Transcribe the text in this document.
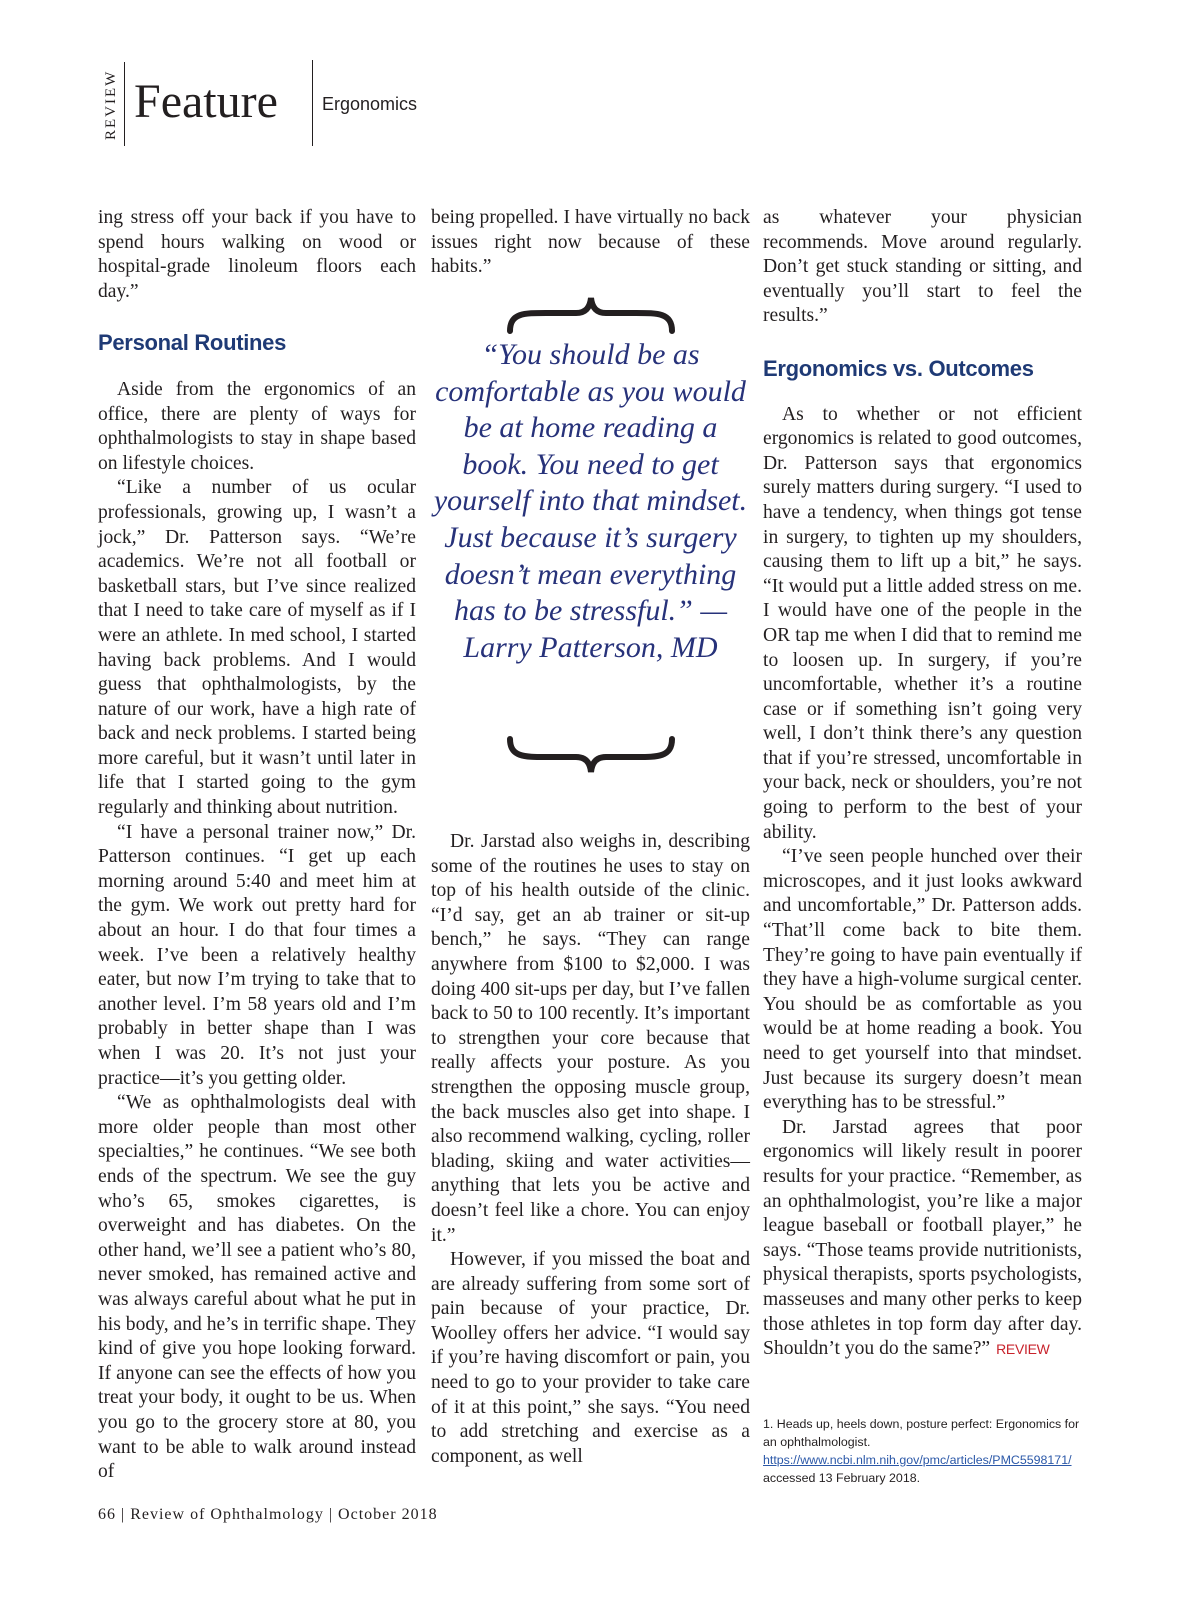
REVIEW Feature Ergonomics

ing stress off your back if you have to spend hours walking on wood or hospital-grade linoleum floors each day.”

Personal Routines

Aside from the ergonomics of an office, there are plenty of ways for ophthalmologists to stay in shape based on lifestyle choices.

“Like a number of us ocular professionals, growing up, I wasn’t a jock,” Dr. Patterson says. “We’re academics. We’re not all football or basketball stars, but I’ve since realized that I need to take care of myself as if I were an athlete. In med school, I started having back problems. And I would guess that ophthalmologists, by the nature of our work, have a high rate of back and neck problems. I started being more careful, but it wasn’t until later in life that I started going to the gym regularly and thinking about nutrition.

“I have a personal trainer now,” Dr. Patterson continues. “I get up each morning around 5:40 and meet him at the gym. We work out pretty hard for about an hour. I do that four times a week. I’ve been a relatively healthy eater, but now I’m trying to take that to another level. I’m 58 years old and I’m probably in better shape than I was when I was 20. It’s not just your practice—it’s you getting older.

“We as ophthalmologists deal with more older people than most other specialties,” he continues. “We see both ends of the spectrum. We see the guy who’s 65, smokes cigarettes, is overweight and has diabetes. On the other hand, we’ll see a patient who’s 80, never smoked, has remained active and was always careful about what he put in his body, and he’s in terrific shape. They kind of give you hope looking forward. If anyone can see the effects of how you treat your body, it ought to be us. When you go to the grocery store at 80, you want to be able to walk around instead of

being propelled. I have virtually no back issues right now because of these habits.”

“You should be as comfortable as you would be at home reading a book. You need to get yourself into that mindset. Just because it’s surgery doesn’t mean everything has to be stressful.” —Larry Patterson, MD

Dr. Jarstad also weighs in, describing some of the routines he uses to stay on top of his health outside of the clinic. “I’d say, get an ab trainer or sit-up bench,” he says. “They can range anywhere from $100 to $2,000. I was doing 400 sit-ups per day, but I’ve fallen back to 50 to 100 recently. It’s important to strengthen your core because that really affects your posture. As you strengthen the opposing muscle group, the back muscles also get into shape. I also recommend walking, cycling, roller blading, skiing and water activities—anything that lets you be active and doesn’t feel like a chore. You can enjoy it.”

However, if you missed the boat and are already suffering from some sort of pain because of your practice, Dr. Woolley offers her advice. “I would say if you’re having discomfort or pain, you need to go to your provider to take care of it at this point,” she says. “You need to add stretching and exercise as a component, as well

as whatever your physician recommends. Move around regularly. Don’t get stuck standing or sitting, and eventually you’ll start to feel the results.”

Ergonomics vs. Outcomes

As to whether or not efficient ergonomics is related to good outcomes, Dr. Patterson says that ergonomics surely matters during surgery. “I used to have a tendency, when things got tense in surgery, to tighten up my shoulders, causing them to lift up a bit,” he says. “It would put a little added stress on me. I would have one of the people in the OR tap me when I did that to remind me to loosen up. In surgery, if you’re uncomfortable, whether it’s a routine case or if something isn’t going very well, I don’t think there’s any question that if you’re stressed, uncomfortable in your back, neck or shoulders, you’re not going to perform to the best of your ability.

“I’ve seen people hunched over their microscopes, and it just looks awkward and uncomfortable,” Dr. Patterson adds. “That’ll come back to bite them. They’re going to have pain eventually if they have a high-volume surgical center. You should be as comfortable as you would be at home reading a book. You need to get yourself into that mindset. Just because its surgery doesn’t mean everything has to be stressful.”

Dr. Jarstad agrees that poor ergonomics will likely result in poorer results for your practice. “Remember, as an ophthalmologist, you’re like a major league baseball or football player,” he says. “Those teams provide nutritionists, physical therapists, sports psychologists, masseuses and many other perks to keep those athletes in top form day after day. Shouldn’t you do the same?” REVIEW

1. Heads up, heels down, posture perfect: Ergonomics for an ophthalmologist. https://www.ncbi.nlm.nih.gov/pmc/articles/PMC5598171/ accessed 13 February 2018.
66 | Review of Ophthalmology | October 2018
